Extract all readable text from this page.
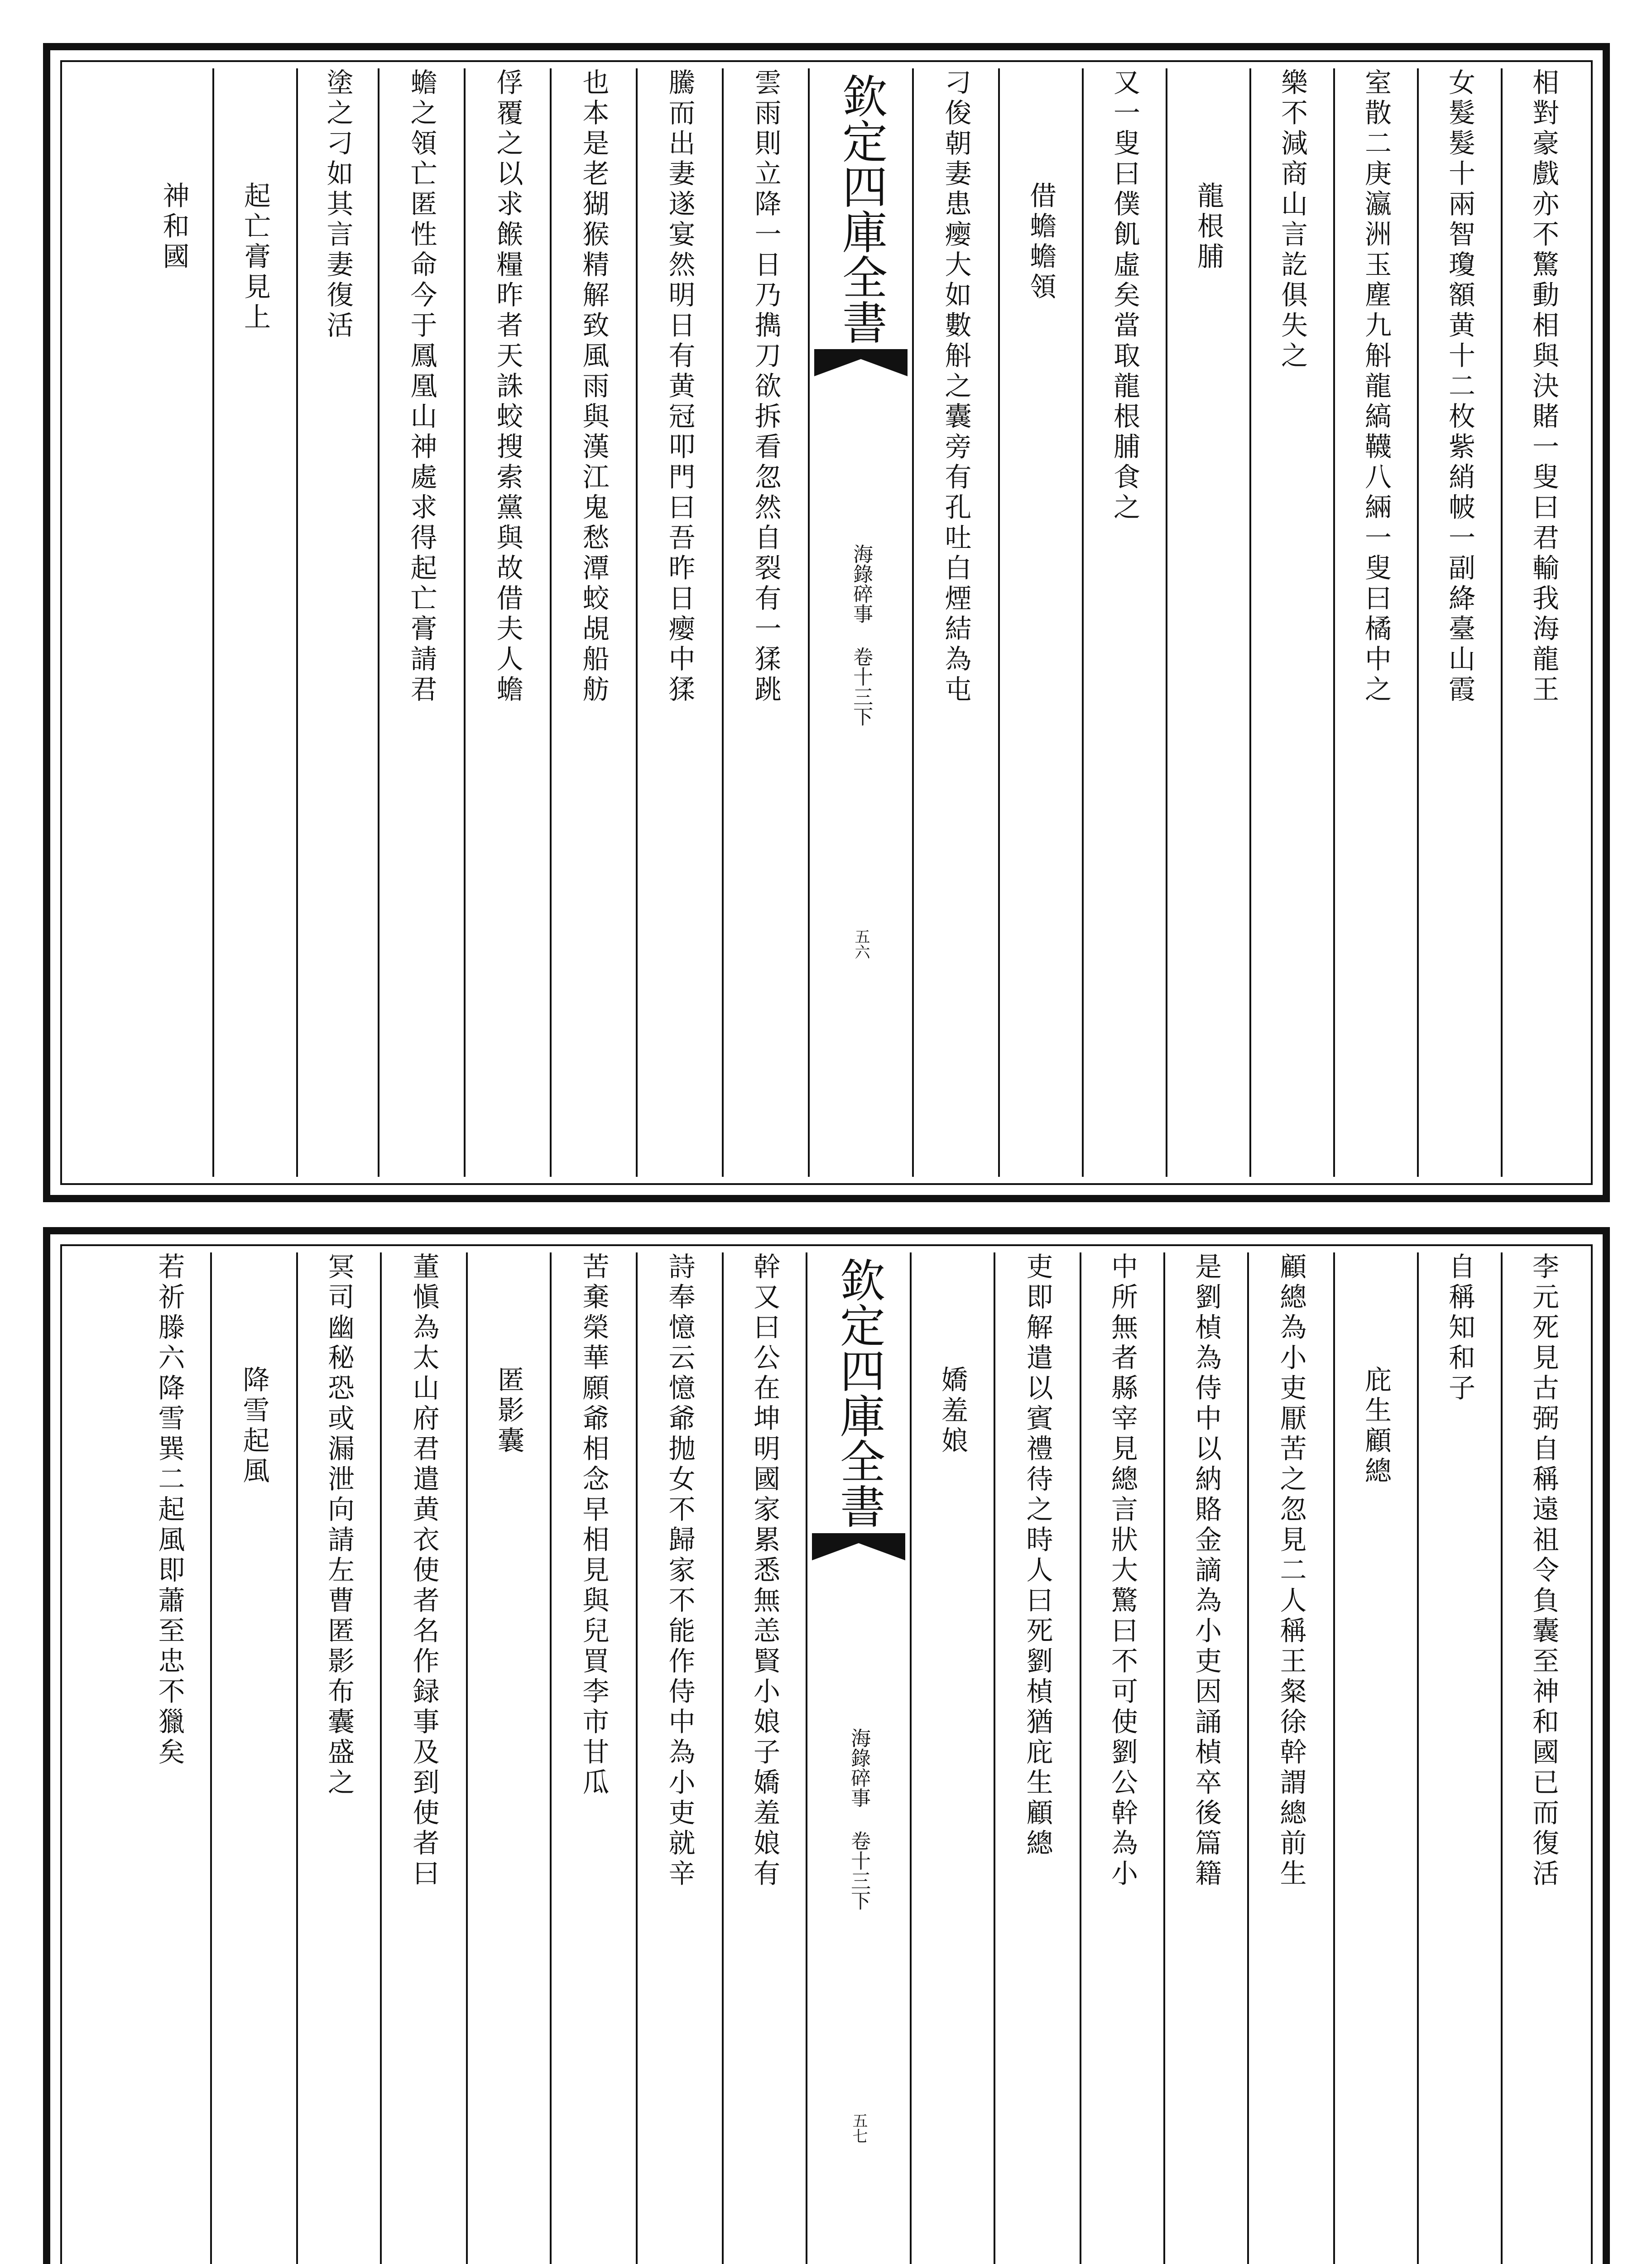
相對豪戲亦不驚動相與決賭一叟曰君輸我海龍王
女髮髮十兩智瓊額黄十二枚紫綃帔一副絳臺山霞
室散二庚瀛洲玉塵九斛龍縞韈八緉一叟曰橘中之
樂不減商山言訖俱失之
龍根脯
又一叟曰僕飢虛矣當取龍根脯食之
借蟾蟾領
刁俊朝妻患瘿大如數斛之囊旁有孔吐白煙結為屯
欽定四庫全書
海錄碎事 卷十三下
五六
雲雨則立降一日乃擕刀欲拆看忽然自裂有一猱跳
騰而出妻遂宴然明日有黄冠叩門曰吾昨日瘿中猱
也本是老猢猴精解致風雨與漢江鬼愁潭蛟覘船舫
俘覆之以求餱糧昨者天誅蛟搜索黨與故借夫人蟾
蟾之領亡匿性命今于鳳凰山神處求得起亡膏請君
塗之刁如其言妻復活
起亡膏見上
神和國
李元死見古弼自稱遠祖令負囊至神和國已而復活
自稱知和子
庇生顧總
顧總為小吏厭苦之忽見二人稱王粲徐幹謂總前生
是劉楨為侍中以納賂金謫為小吏因誦楨卒後篇籍
中所無者縣宰見總言狀大驚曰不可使劉公幹為小
吏即解遣以賓禮待之時人曰死劉楨猶庇生顧總
嬌羞娘
欽定四庫全書
海錄碎事 卷十三下
五七
幹又曰公在坤明國家累悉無恙賢小娘子嬌羞娘有
詩奉憶云憶爺抛女不歸家不能作侍中為小吏就辛
苦棄榮華願爺相念早相見與兒買李市甘瓜
匿影囊
董愼為太山府君遣黄衣使者名作録事及到使者曰
冥司幽秘恐或漏泄向請左曹匿影布囊盛之
降雪起風
若祈滕六降雪巽二起風即蕭至忠不獵矣
